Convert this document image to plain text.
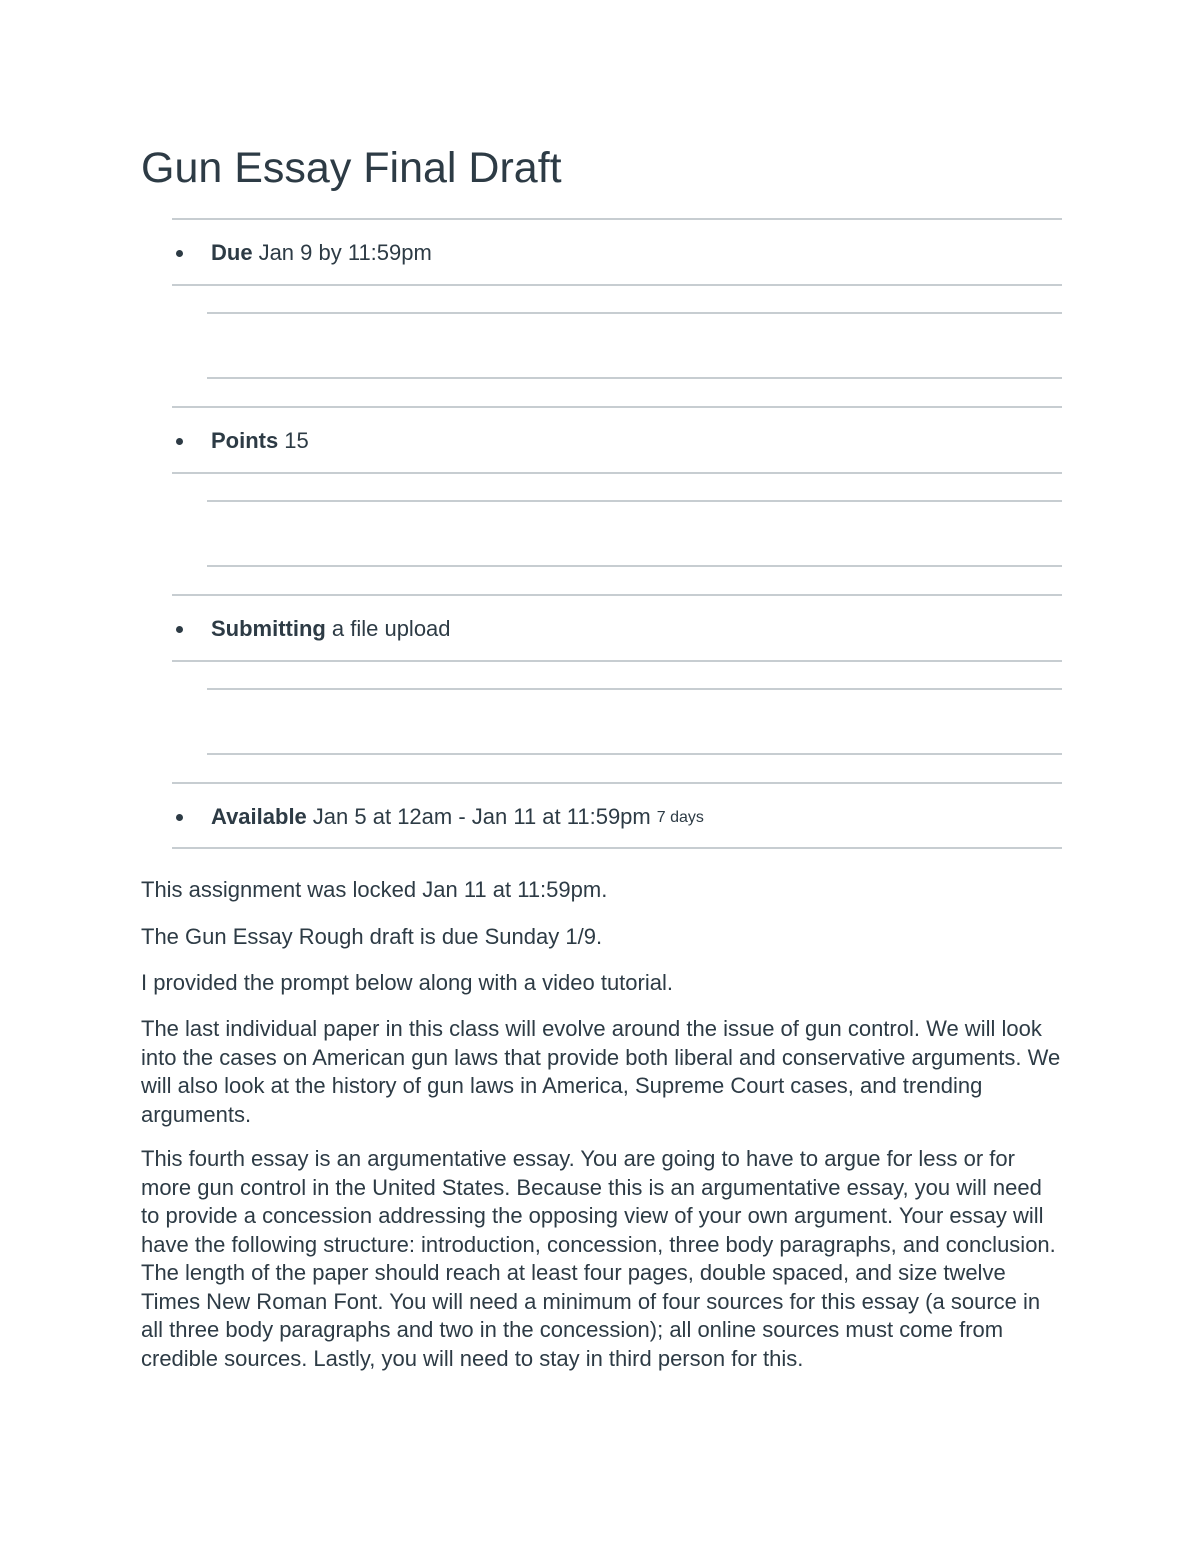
Gun Essay Final Draft
Due Jan 9 by 11:59pm
Points 15
Submitting a file upload
Available Jan 5 at 12am - Jan 11 at 11:59pm 7 days

This assignment was locked Jan 11 at 11:59pm.

The Gun Essay Rough draft is due Sunday 1/9.

I provided the prompt below along with a video tutorial.

The last individual paper in this class will evolve around the issue of gun control. We will look into the cases on American gun laws that provide both liberal and conservative arguments. We will also look at the history of gun laws in America, Supreme Court cases, and trending arguments.

This fourth essay is an argumentative essay. You are going to have to argue for less or for more gun control in the United States. Because this is an argumentative essay, you will need to provide a concession addressing the opposing view of your own argument. Your essay will have the following structure: introduction, concession, three body paragraphs, and conclusion. The length of the paper should reach at least four pages, double spaced, and size twelve Times New Roman Font. You will need a minimum of four sources for this essay (a source in all three body paragraphs and two in the concession); all online sources must come from credible sources. Lastly, you will need to stay in third person for this.
